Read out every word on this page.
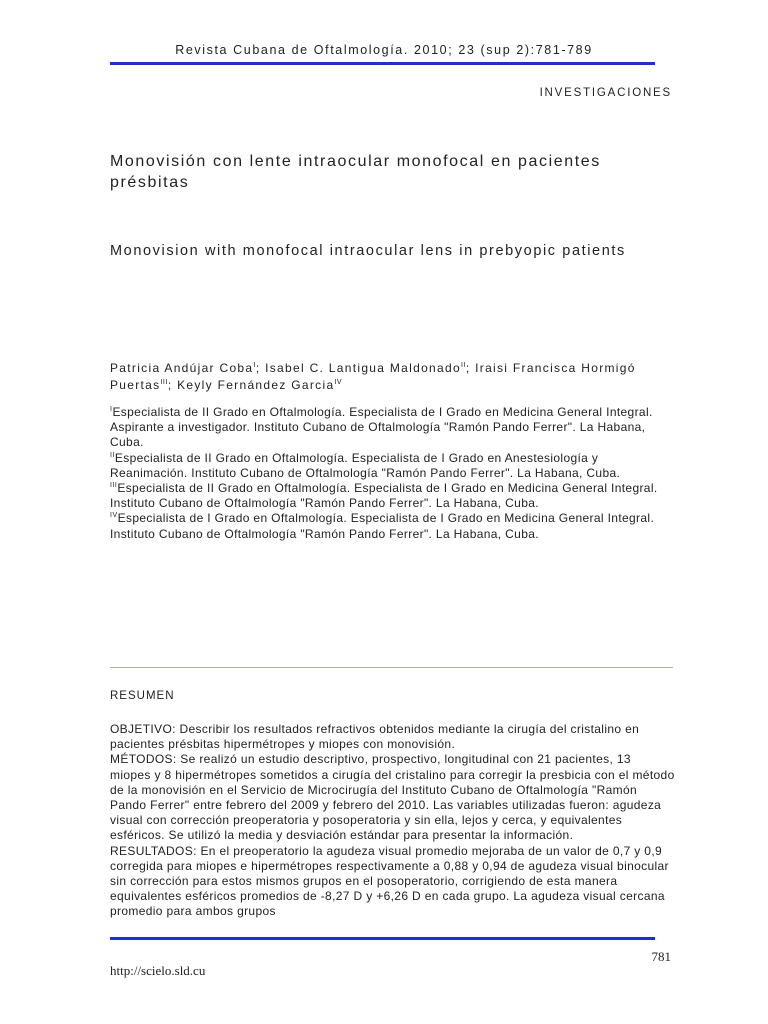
Revista Cubana de Oftalmología. 2010; 23 (sup 2):781-789
INVESTIGACIONES
Monovisión con lente intraocular monofocal en pacientes présbitas
Monovision with monofocal intraocular lens in prebyopic patients
Patricia Andújar Coba$^I$; Isabel C. Lantigua Maldonado$^{II}$; Iraisi Francisca Hormigó Puertas$^{III}$; Keyly Fernández Garcia$^{IV}$

$^I$Especialista de II Grado en Oftalmología. Especialista de I Grado en Medicina General Integral. Aspirante a investigador. Instituto Cubano de Oftalmología "Ramón Pando Ferrer". La Habana, Cuba.

$^{II}$Especialista de II Grado en Oftalmología. Especialista de I Grado en Anestesiología y Reanimación. Instituto Cubano de Oftalmología "Ramón Pando Ferrer". La Habana, Cuba.

$^{III}$Especialista de II Grado en Oftalmología. Especialista de I Grado en Medicina General Integral. Instituto Cubano de Oftalmología "Ramón Pando Ferrer". La Habana, Cuba.

$^{IV}$Especialista de I Grado en Oftalmología. Especialista de I Grado en Medicina General Integral. Instituto Cubano de Oftalmología "Ramón Pando Ferrer". La Habana, Cuba.

RESUMEN

OBJETIVO: Describir los resultados refractivos obtenidos mediante la cirugía del cristalino en pacientes présbitas hipermétropes y miopes con monovisión.

MÉTODOS: Se realizó un estudio descriptivo, prospectivo, longitudinal con 21 pacientes, 13 miopes y 8 hipermétropes sometidos a cirugía del cristalino para corregir la presbicia con el método de la monovisión en el Servicio de Microcirugía del Instituto Cubano de Oftalmología "Ramón Pando Ferrer" entre febrero del 2009 y febrero del 2010. Las variables utilizadas fueron: agudeza visual con corrección preoperatoria y posoperatoria y sin ella, lejos y cerca, y equivalentes esféricos. Se utilizó la media y desviación estándar para presentar la información.

RESULTADOS: En el preoperatorio la agudeza visual promedio mejoraba de un valor de 0,7 y 0,9 corregida para miopes e hipermétropes respectivamente a 0,88 y 0,94 de agudeza visual binocular sin corrección para estos mismos grupos en el posoperatorio, corrigiendo de esta manera equivalentes esféricos promedios de -8,27 D y +6,26 D en cada grupo. La agudeza visual cercana promedio para ambos grupos

781
http://scielo.sld.cu
